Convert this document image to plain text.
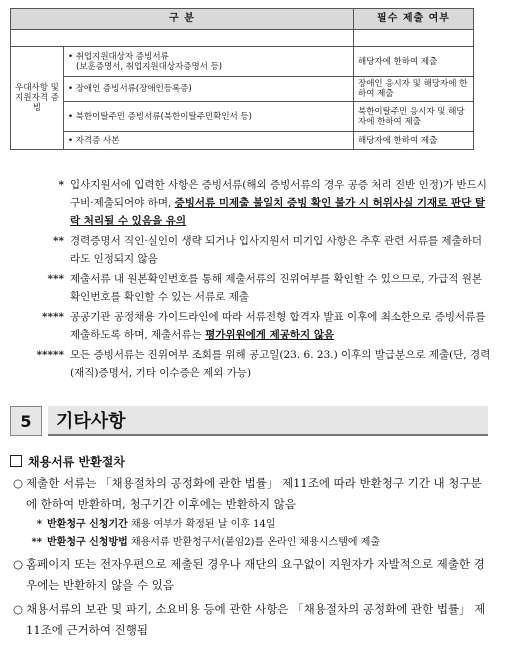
구 분		필수 제출 여부

우대사항 및 지원자격 증빙	• 취업지원대상자 증빙서류
(보훈증명서, 취업지원대상자증명서 등)	해당자에 한하여 제출
	• 장애인 증빙서류(장애인등록증)	장애인 응시자 및 해당자에 한하여 제출
	• 북한이탈주민 증빙서류(북한이탈주민확인서 등)	북한이탈주민 응시자 및 해당자에 한하여 제출
	• 자격증 사본	해당자에 한하여 제출
* 입사지원서에 입력한 사항은 증빙서류(해외 증빙서류의 경우 공증 처리 진반 인정)가 반드시 구비·제출되어야 하며, 증빙서류 미제출 불일치 증빙 확인 불가 시 허위사실 기재로 판단 탈락 처리될 수 있음을 유의
** 경력증명서 직인·실인이 생략 되거나 입사지원서 미기입 사항은 추후 관련 서류를 제출하더라도 인정되지 않음
*** 제출서류 내 원본확인번호를 통해 제출서류의 진위여부를 확인할 수 있으므로, 가급적 원본확인번호를 확인할 수 있는 서류로 제출
**** 공공기관 공정채용 가이드라인에 따라 서류전형 합격자 발표 이후에 최소한으로 증빙서류를 제출하도록 하며, 제출서류는 평가위원에게 제공하지 않음
***** 모든 증빙서류는 진위여부 조회를 위해 공고일(23. 6. 23.) 이후의 발급분으로 제출(단, 경력(재직)증명서, 기타 이수증은 제외 가능)
5	기타사항
채용서류 반환절차
○ 제출한 서류는 「채용절차의 공정화에 관한 법률」 제11조에 따라 반환청구 기간 내 청구분에 한하여 반환하며, 청구기간 이후에는 반환하지 않음
* 반환청구 신청기간 채용 여부가 확정된 날 이후 14일
** 반환청구 신청방법 채용서류 반환청구서(붙임2)를 온라인 채용시스템에 제출
○ 홈페이지 또는 전자우편으로 제출된 경우나 재단의 요구없이 지원자가 자발적으로 제출한 경우에는 반환하지 않을 수 있음
○ 채용서류의 보관 및 파기, 소요비용 등에 관한 사항은 「채용절차의 공정화에 관한 법률」 제11조에 근거하여 진행됨
